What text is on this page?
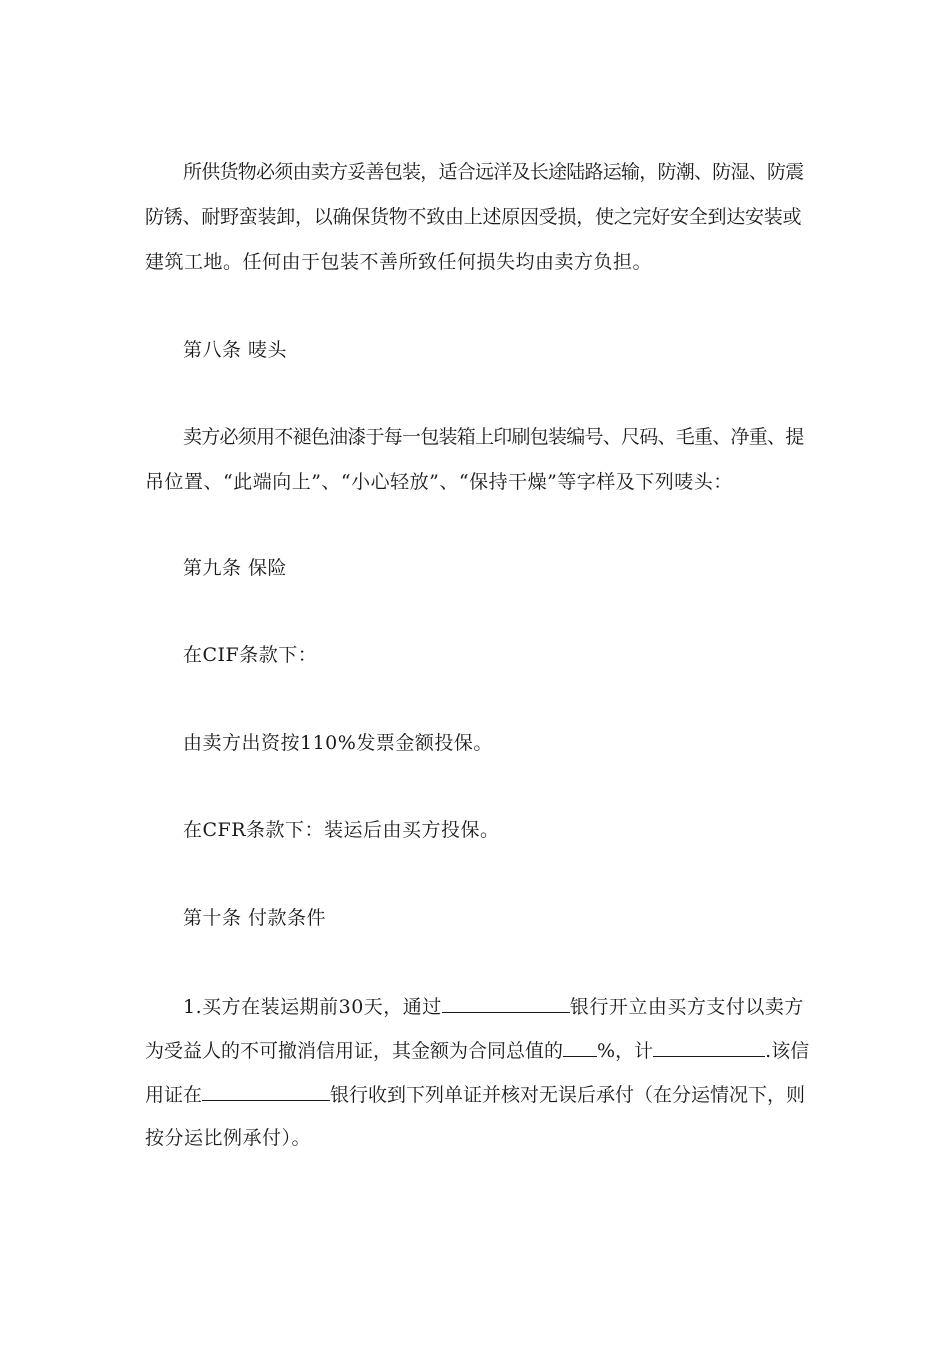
所供货物必须由卖方妥善包装，适合远洋及长途陆路运输，防潮、防湿、防震
防锈、耐野蛮装卸，以确保货物不致由上述原因受损，使之完好安全到达安装或
建筑工地。任何由于包装不善所致任何损失均由卖方负担。
第八条 唛头
卖方必须用不褪色油漆于每一包装箱上印刷包装编号、尺码、毛重、净重、提
吊位置、“此端向上”、“小心轻放”、“保持干燥”等字样及下列唛头：
第九条 保险
在CIF条款下：
由卖方出资按110%发票金额投保。
在CFR条款下：装运后由买方投保。
第十条 付款条件
1.买方在装运期前30天，通过	银行开立由买方支付以卖方
为受益人的不可撤消信用证，其金额为合同总值的 %，计	.该信
用证在	银行收到下列单证并核对无误后承付（在分运情况下，则
按分运比例承付）。
